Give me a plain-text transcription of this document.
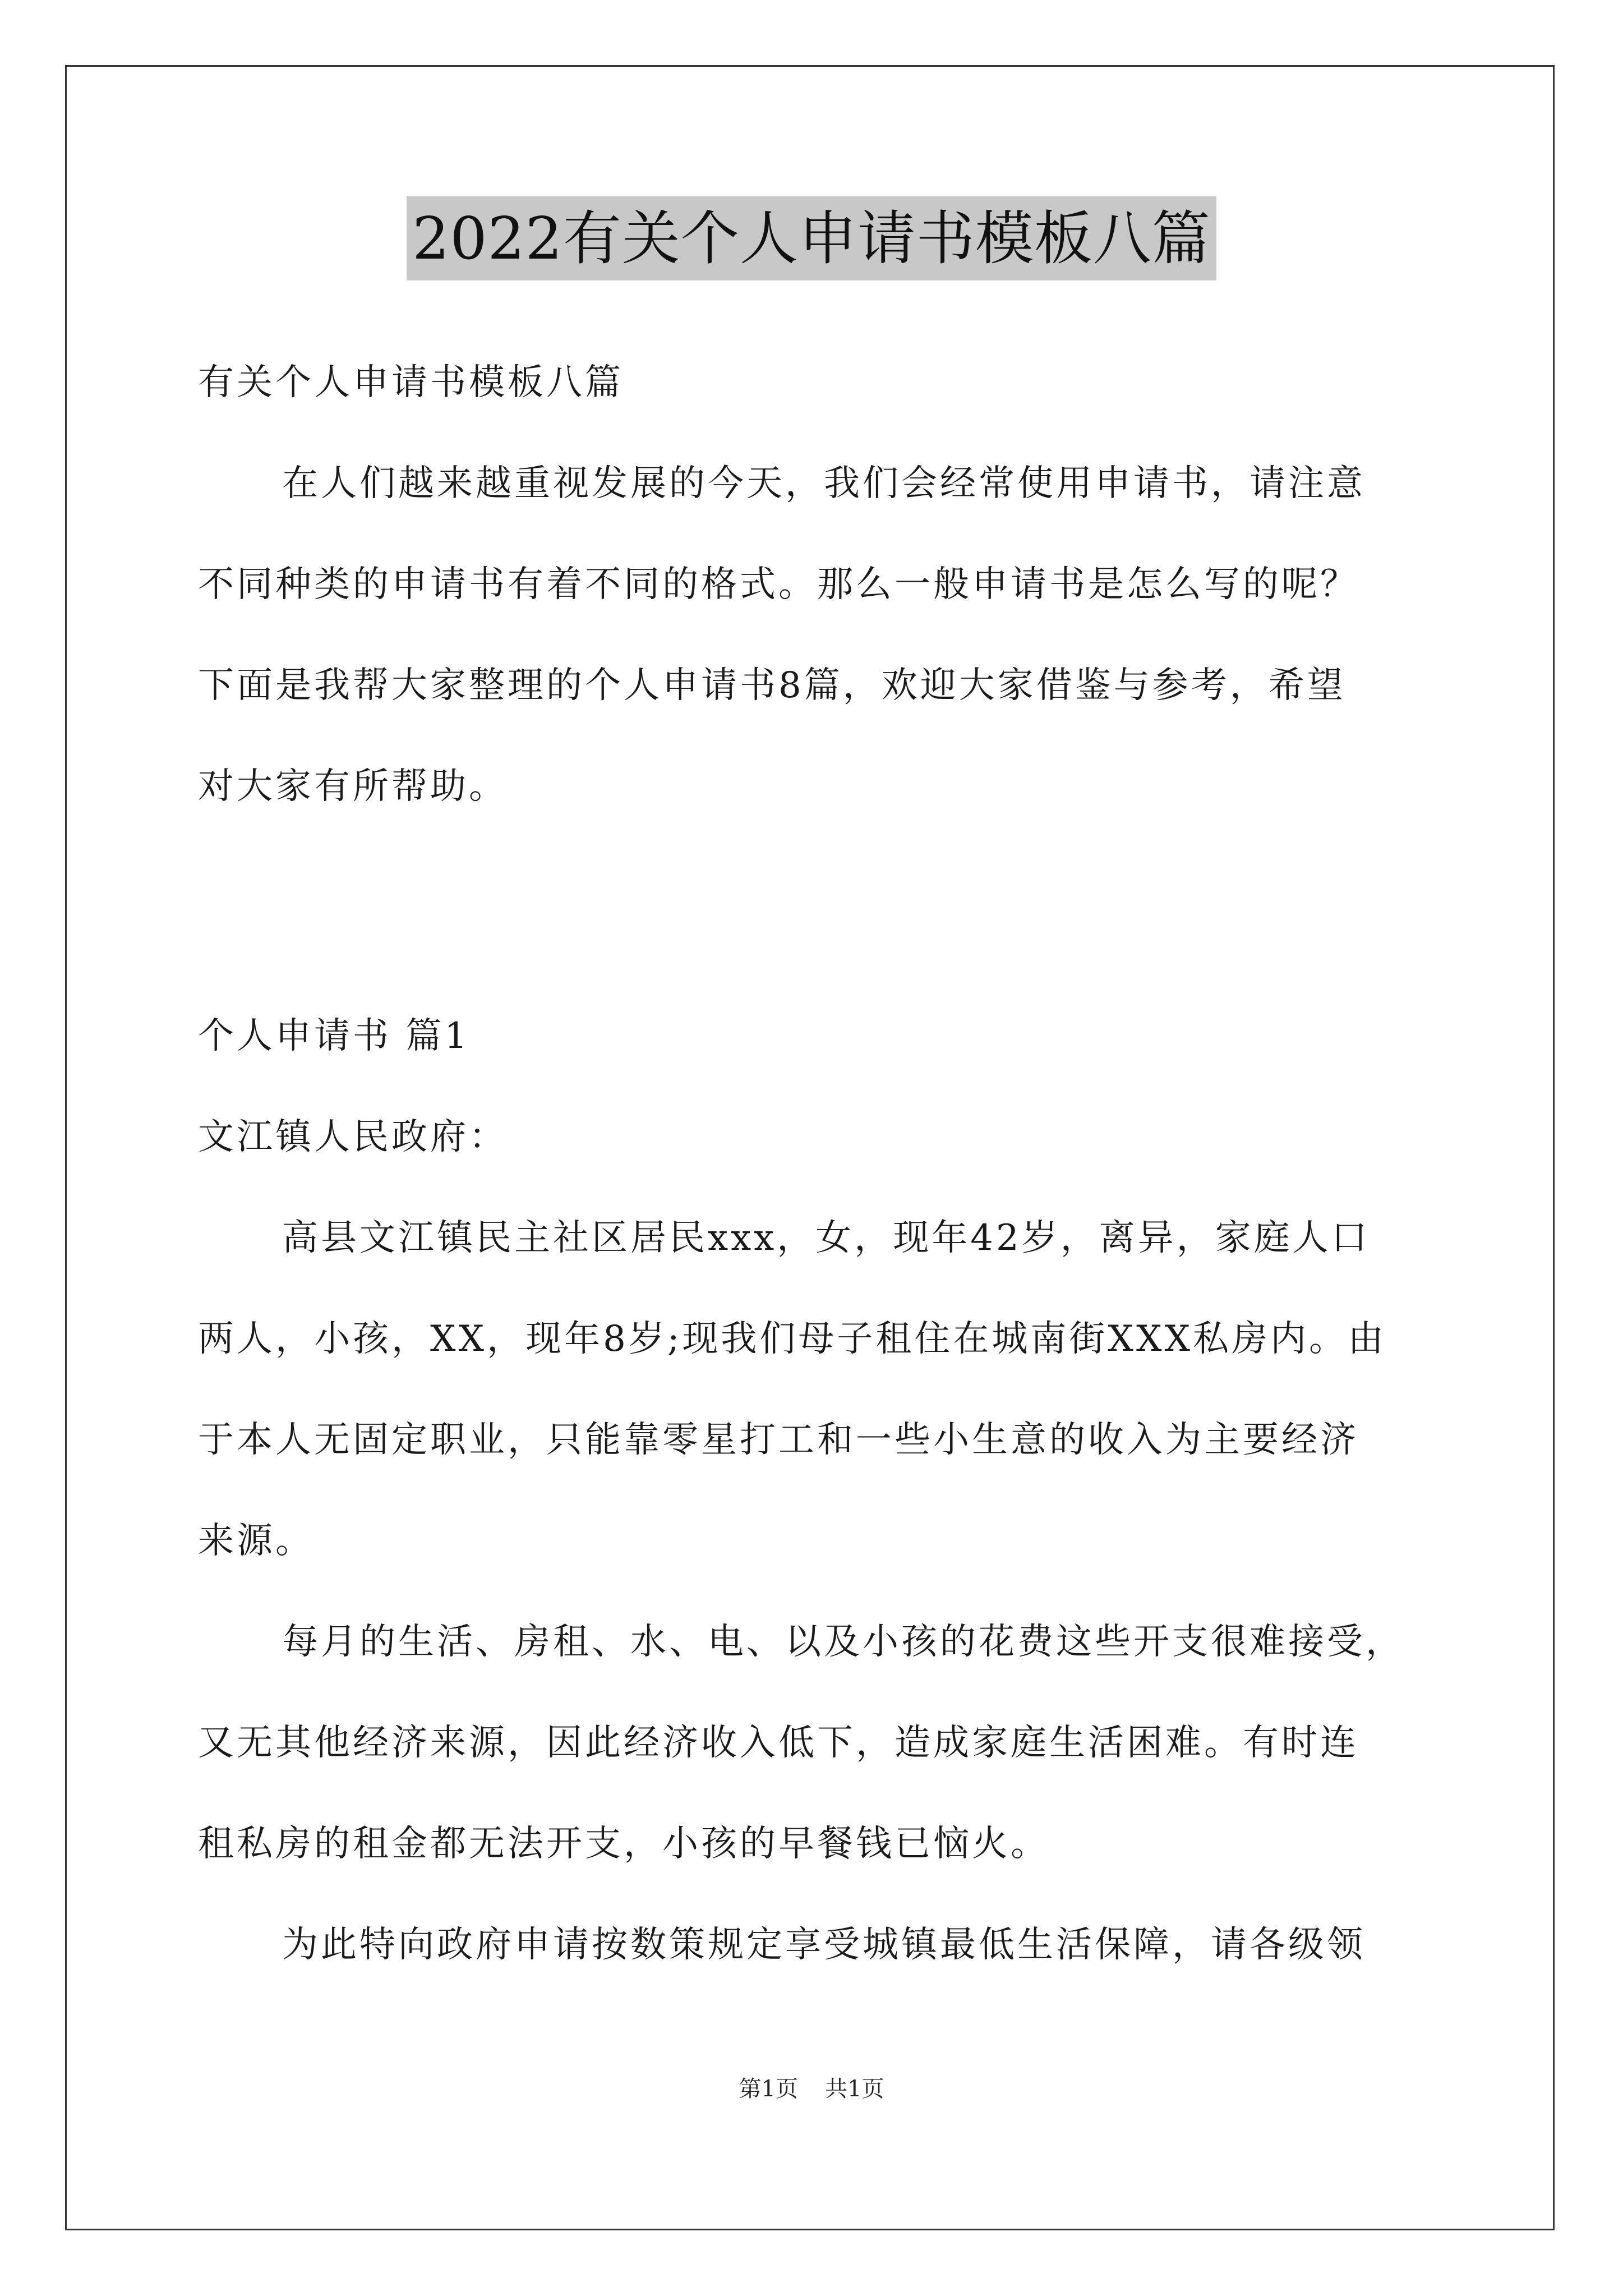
2022有关个人申请书模板八篇
有关个人申请书模板八篇
在人们越来越重视发展的今天，我们会经常使用申请书，请注意
不同种类的申请书有着不同的格式。那么一般申请书是怎么写的呢？
下面是我帮大家整理的个人申请书8篇，欢迎大家借鉴与参考，希望
对大家有所帮助。
个人申请书 篇1
文江镇人民政府：
高县文江镇民主社区居民xxx，女，现年42岁，离异，家庭人口
两人，小孩，XX，现年8岁;现我们母子租住在城南街XXX私房内。由
于本人无固定职业，只能靠零星打工和一些小生意的收入为主要经济
来源。
每月的生活、房租、水、电、以及小孩的花费这些开支很难接受，
又无其他经济来源，因此经济收入低下，造成家庭生活困难。有时连
租私房的租金都无法开支，小孩的早餐钱已恼火。
为此特向政府申请按数策规定享受城镇最低生活保障，请各级领
第1页 共1页
